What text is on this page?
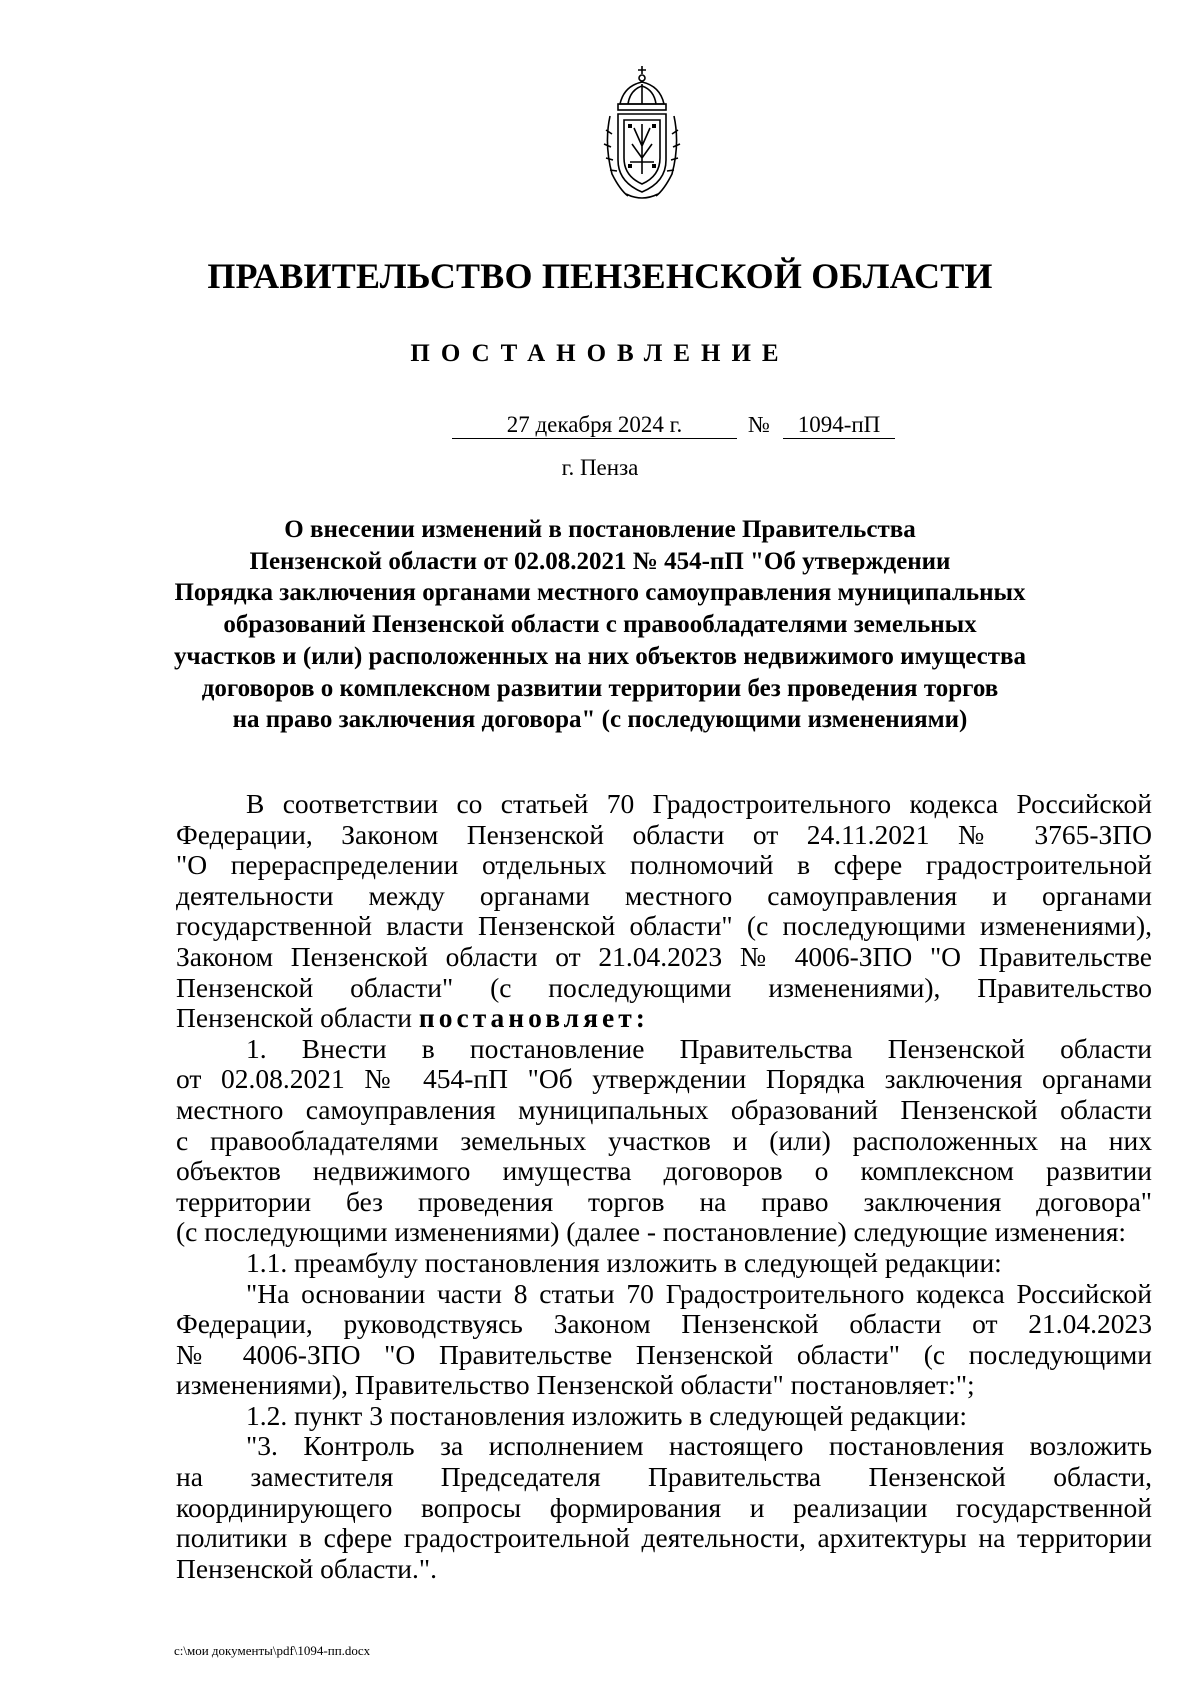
ПРАВИТЕЛЬСТВО ПЕНЗЕНСКОЙ ОБЛАСТИ
ПОСТАНОВЛЕНИЕ
27 декабря 2024 г.	№	1094-пП
г. Пенза
О внесении изменений в постановление Правительства
Пензенской области от 02.08.2021 № 454-пП "Об утверждении
Порядка заключения органами местного самоуправления муниципальных
образований Пензенской области с правообладателями земельных
участков и (или) расположенных на них объектов недвижимого имущества
договоров о комплексном развитии территории без проведения торгов
на право заключения договора" (с последующими изменениями)
В соответствии со статьей 70 Градостроительного кодекса Российской
Федерации, Законом Пензенской области от 24.11.2021 № 3765-ЗПО
"О перераспределении отдельных полномочий в сфере градостроительной
деятельности между органами местного самоуправления и органами
государственной власти Пензенской области" (с последующими изменениями),
Законом Пензенской области от 21.04.2023 № 4006-ЗПО "О Правительстве
Пензенской области" (с последующими изменениями), Правительство
Пензенской области постановляет:
1. Внести в постановление Правительства Пензенской области
от 02.08.2021 № 454-пП "Об утверждении Порядка заключения органами
местного самоуправления муниципальных образований Пензенской области
с правообладателями земельных участков и (или) расположенных на них
объектов недвижимого имущества договоров о комплексном развитии
территории без проведения торгов на право заключения договора"
(с последующими изменениями) (далее - постановление) следующие изменения:
1.1. преамбулу постановления изложить в следующей редакции:
"На основании части 8 статьи 70 Градостроительного кодекса Российской
Федерации, руководствуясь Законом Пензенской области от 21.04.2023
№ 4006-ЗПО "О Правительстве Пензенской области" (с последующими
изменениями), Правительство Пензенской области" постановляет:";
1.2. пункт 3 постановления изложить в следующей редакции:
"3. Контроль за исполнением настоящего постановления возложить
на заместителя Председателя Правительства Пензенской области,
координирующего вопросы формирования и реализации государственной
политики в сфере градостроительной деятельности, архитектуры на территории
Пензенской области.".
c:\мои документы\pdf\1094-пп.docx
